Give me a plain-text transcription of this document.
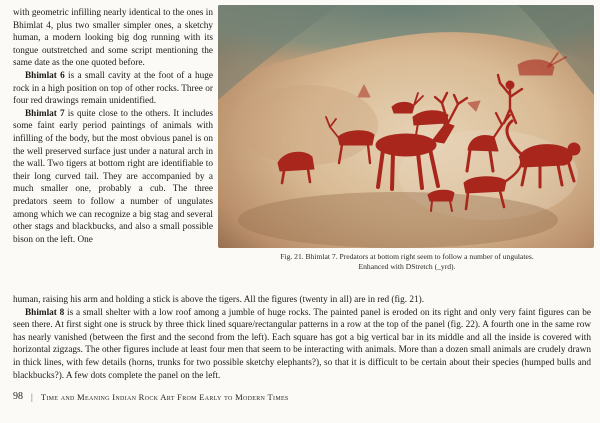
with geometric infilling nearly identical to the ones in Bhimlat 4, plus two smaller simpler ones, a sketchy human, a modern looking big dog running with its tongue outstretched and some script mentioning the same date as the one quoted before.

Bhimlat 6 is a small cavity at the foot of a huge rock in a high position on top of other rocks. Three or four red drawings remain unidentified.

Bhimlat 7 is quite close to the others. It includes some faint early period paintings of animals with infilling of the body, but the most obvious panel is on the well preserved surface just under a natural arch in the wall. Two tigers at bottom right are identifiable to their long curved tail. They are accompanied by a much smaller one, probably a cub. The three predators seem to follow a number of ungulates among which we can recognize a big stag and several other stags and blackbucks, and also a small possible bison on the left. One

Fig. 21. Bhimlat 7. Predators at bottom right seem to follow a number of ungulates.
Enhanced with DStretch (_yrd).

human, raising his arm and holding a stick is above the tigers. All the figures (twenty in all) are in red (fig. 21).

Bhimlat 8 is a small shelter with a low roof among a jumble of huge rocks. The painted panel is eroded on its right and only very faint figures can be seen there. At first sight one is struck by three thick lined square/rectangular patterns in a row at the top of the panel (fig. 22). A fourth one in the same row has nearly vanished (between the first and the second from the left). Each square has got a big vertical bar in its middle and all the inside is covered with horizontal zigzags. The other figures include at least four men that seem to be interacting with animals. More than a dozen small animals are crudely drawn in thick lines, with few details (horns, trunks for two possible sketchy elephants?), so that it is difficult to be certain about their species (humped bulls and blackbucks?). A few dots complete the panel on the left.

98 | Time and Meaning Indian Rock Art From Early to Modern Times
